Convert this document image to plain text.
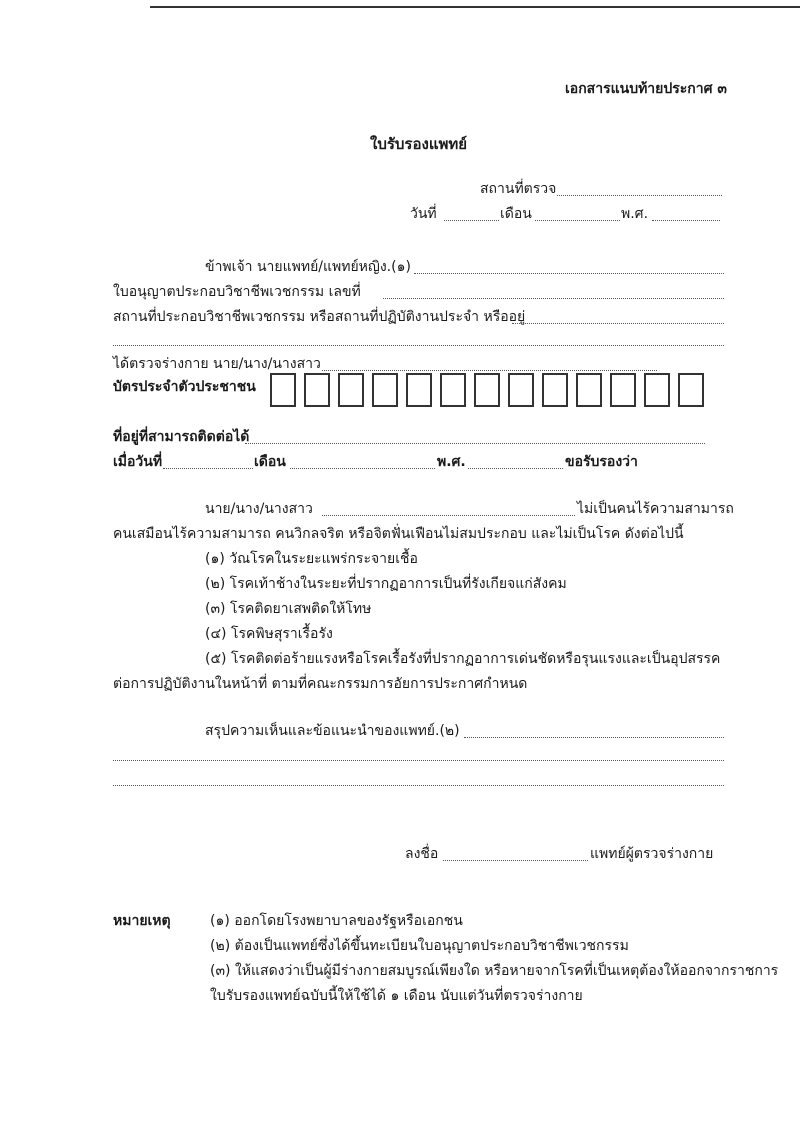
เอกสารแนบท้ายประกาศ ๓
ใบรับรองแพทย์
สถานที่ตรวจ
วันที่	เดือน	พ.ศ.
ข้าพเจ้า นายแพทย์/แพทย์หญิง.(๑)
ใบอนุญาตประกอบวิชาชีพเวชกรรม เลขที่
สถานที่ประกอบวิชาชีพเวชกรรม หรือสถานที่ปฏิบัติงานประจำ หรืออยู่
ได้ตรวจร่างกาย นาย/นาง/นางสาว
บัตรประจำตัวประชาชน
ที่อยู่ที่สามารถติดต่อได้
เมื่อวันที่	เดือน	พ.ศ.	ขอรับรองว่า
นาย/นาง/นางสาว	ไม่เป็นคนไร้ความสามารถ
คนเสมือนไร้ความสามารถ คนวิกลจริต หรือจิตฟั่นเฟือนไม่สมประกอบ และไม่เป็นโรค ดังต่อไปนี้
(๑) วัณโรคในระยะแพร่กระจายเชื้อ
(๒) โรคเท้าช้างในระยะที่ปรากฏอาการเป็นที่รังเกียจแก่สังคม
(๓) โรคติดยาเสพติดให้โทษ
(๔) โรคพิษสุราเรื้อรัง
(๕) โรคติดต่อร้ายแรงหรือโรคเรื้อรังที่ปรากฏอาการเด่นชัดหรือรุนแรงและเป็นอุปสรรค
ต่อการปฏิบัติงานในหน้าที่ ตามที่คณะกรรมการอัยการประกาศกำหนด
สรุปความเห็นและข้อแนะนำของแพทย์.(๒)
ลงชื่อ	แพทย์ผู้ตรวจร่างกาย
หมายเหตุ	(๑) ออกโดยโรงพยาบาลของรัฐหรือเอกชน
(๒) ต้องเป็นแพทย์ซึ่งได้ขึ้นทะเบียนใบอนุญาตประกอบวิชาชีพเวชกรรม
(๓) ให้แสดงว่าเป็นผู้มีร่างกายสมบูรณ์เพียงใด หรือหายจากโรคที่เป็นเหตุต้องให้ออกจากราชการ
ใบรับรองแพทย์ฉบับนี้ให้ใช้ได้ ๑ เดือน นับแต่วันที่ตรวจร่างกาย
